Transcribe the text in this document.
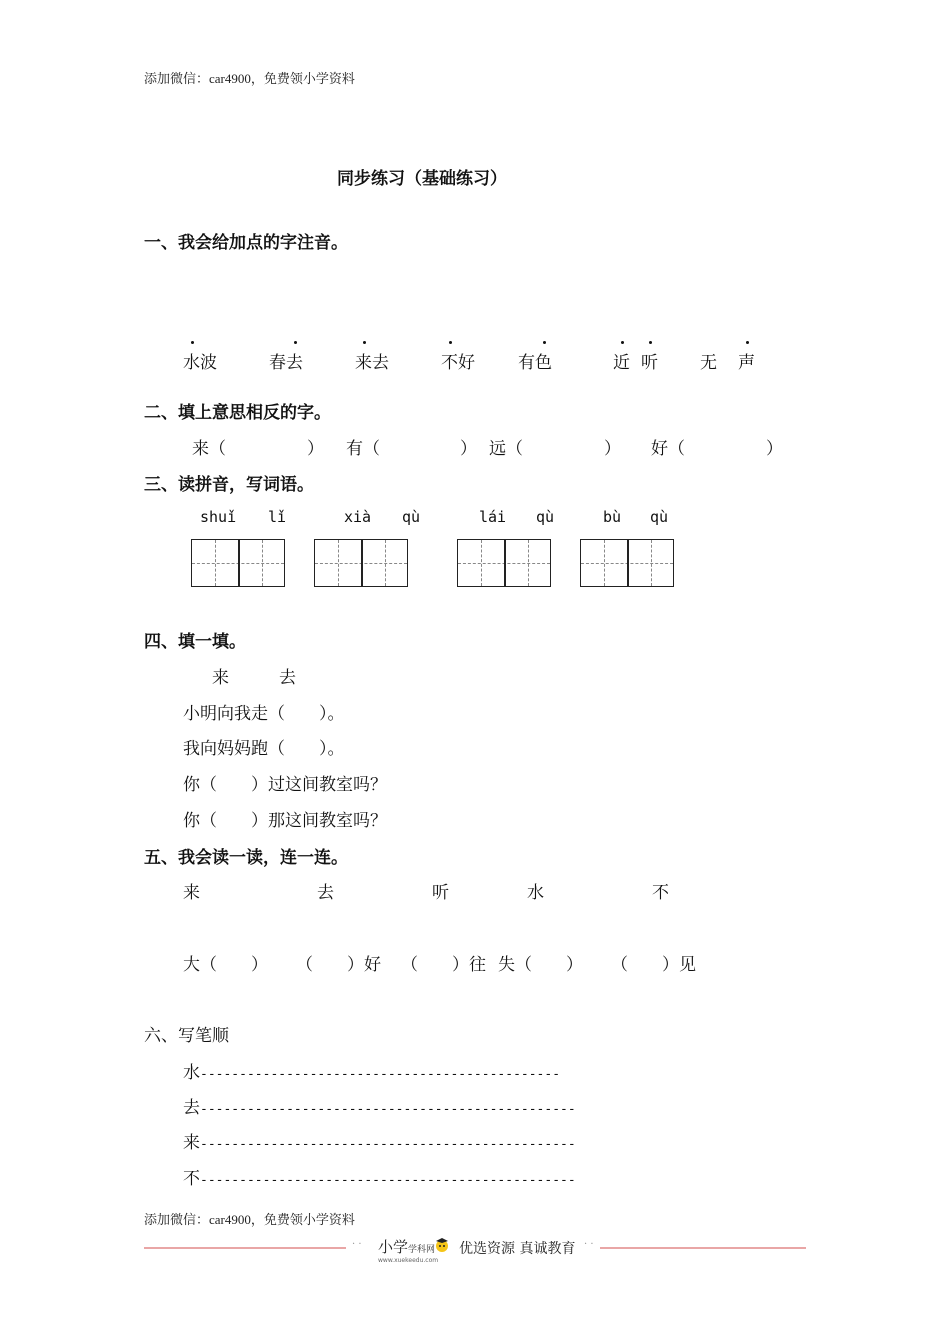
添加微信：car4900，免费领小学资料
同步练习（基础练习）
一、我会给加点的字注音。
水波	春去	来去	不好	有色	近 听 无 声
二、填上意思相反的字。
来（	） 有（	） 远（	） 好（	）
三、读拼音，写词语。
shuǐ lǐ	xià qù	lái qù	bù qù
四、填一填。
来	去
小明向我走（　　）。
我向妈妈跑（　　）。
你（　　）过这间教室吗？
你（　　）那这间教室吗？
五、我会读一读，连一连。
来	去	听	水	不
大（　　） （　　）好 （　　）往 失（　　） （　　）见
六、写笔顺
水----------------------------------------------
去------------------------------------------------
来------------------------------------------------
不------------------------------------------------
添加微信：car4900，免费领小学资料
· · 小学学科网
www.xuekeedu.com
优选资源 真诚教育 · ·
